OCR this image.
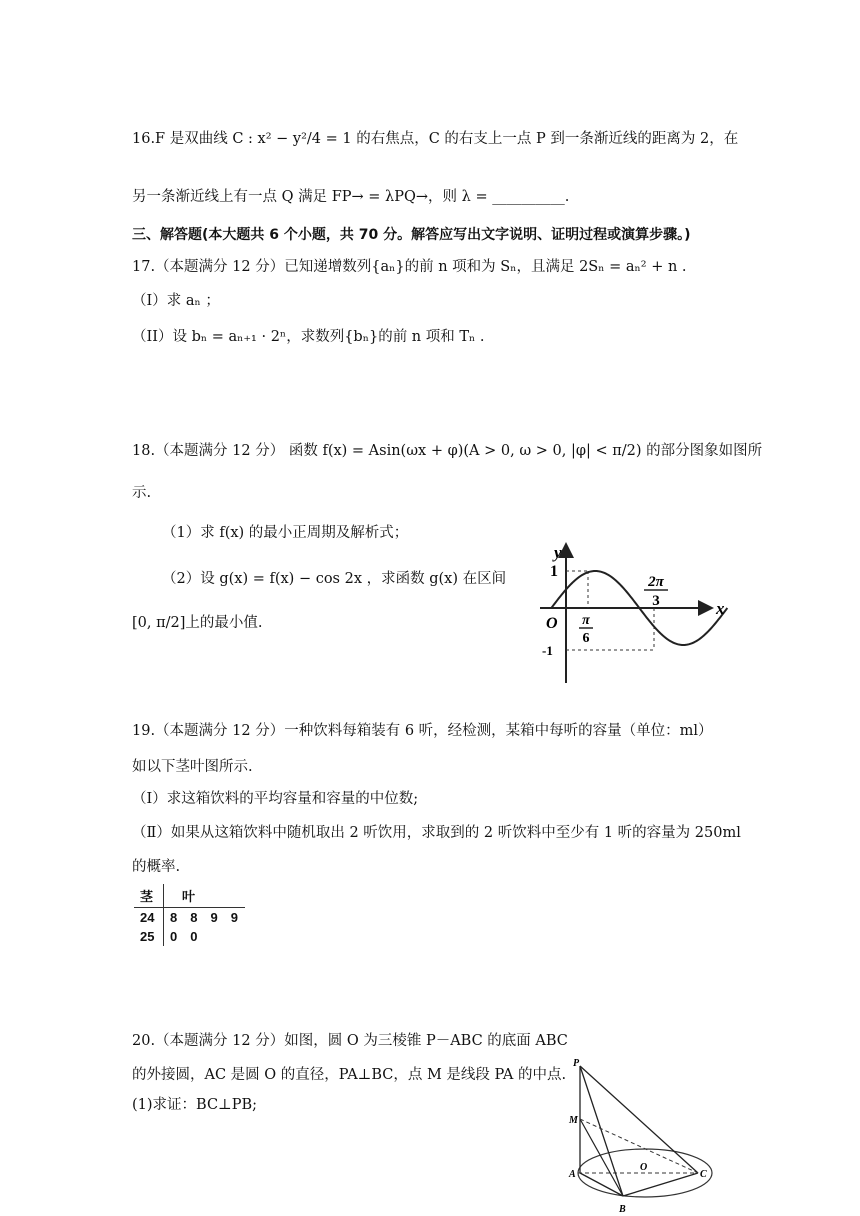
16.F 是双曲线 C : x² − y²/4 = 1 的右焦点，C 的右支上一点 P 到一条渐近线的距离为 2，在
另一条渐近线上有一点 Q 满足 FP→ = λPQ→，则 λ = __________.
三、解答题(本大题共 6 个小题，共 70 分。解答应写出文字说明、证明过程或演算步骤。)
17.（本题满分 12 分）已知递增数列{aₙ}的前 n 项和为 Sₙ，且满足 2Sₙ = aₙ² + n .
（I）求 aₙ ；
（II）设 bₙ = aₙ₊₁ · 2ⁿ，求数列{bₙ}的前 n 项和 Tₙ .
18.（本题满分 12 分） 函数 f(x) = Asin(ωx + φ)(A > 0, ω > 0, |φ| < π/2) 的部分图象如图所
示.
（1）求 f(x) 的最小正周期及解析式；
（2）设 g(x) = f(x) − cos 2x ，求函数 g(x) 在区间
[0, π/2]上的最小值.
y
x
O
1
-1
π
6
2π
3
19.（本题满分 12 分）一种饮料每箱装有 6 听，经检测，某箱中每听的容量（单位：ml）
如以下茎叶图所示.
（Ⅰ）求这箱饮料的平均容量和容量的中位数;
（Ⅱ）如果从这箱饮料中随机取出 2 听饮用，求取到的 2 听饮料中至少有 1 听的容量为 250ml
的概率.
茎	叶			
24	8	8	9	9
25	0	0		
20.（本题满分 12 分）如图，圆 O 为三棱锥 P－ABC 的底面 ABC
的外接圆，AC 是圆 O 的直径，PA⊥BC，点 M 是线段 PA 的中点.
(1)求证：BC⊥PB;
P
M
A
O
C
B
